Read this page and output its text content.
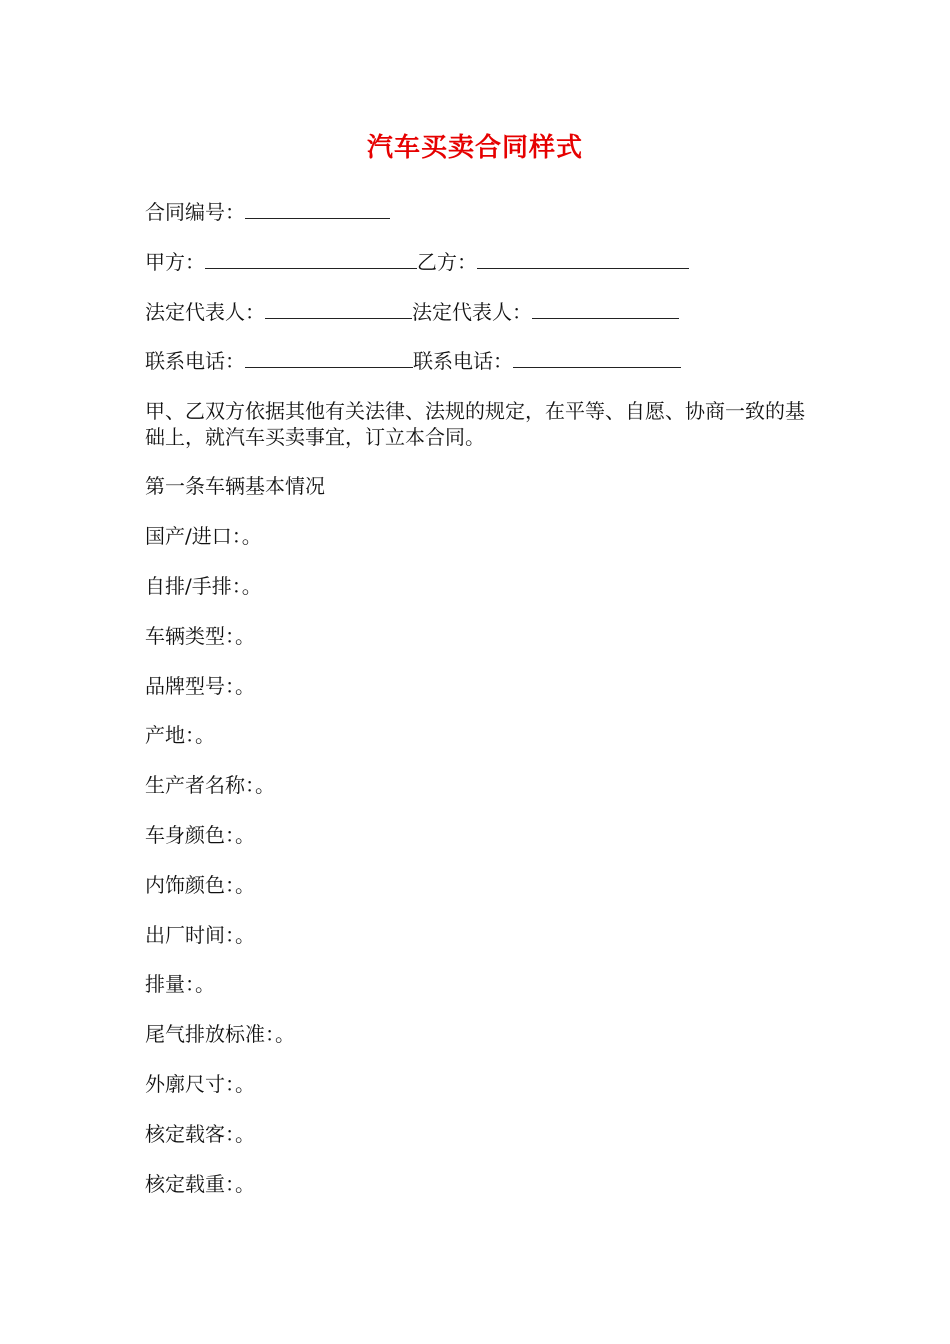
汽车买卖合同样式
合同编号：
甲方：	乙方：
法定代表人：	法定代表人：
联系电话：	联系电话：
甲、乙双方依据其他有关法律、法规的规定，在平等、自愿、协商一致的基础上，就汽车买卖事宜，订立本合同。
第一条车辆基本情况
国产/进口：。
自排/手排：。
车辆类型：。
品牌型号：。
产地：。
生产者名称：。
车身颜色：。
内饰颜色：。
出厂时间：。
排量：。
尾气排放标准：。
外廓尺寸：。
核定载客：。
核定载重：。
